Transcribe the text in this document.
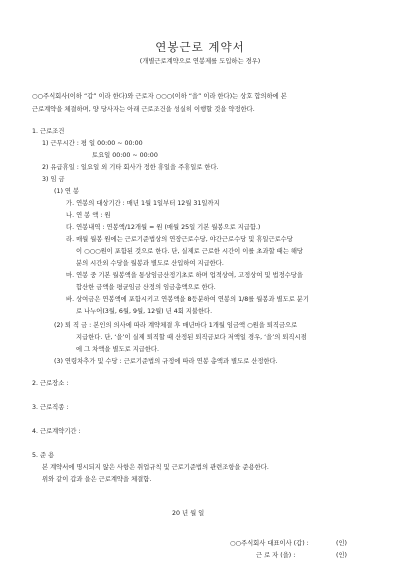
연봉근로 계약서
(개별근로계약으로 연봉제를 도입하는 경우)
○○주식회사(이하 “갑” 이라 한다)와 근로자 ○○○(이하 “을” 이라 한다)는 상호 합의하에 본
근로계약을 체결하며, 양 당사자는 아래 근로조건을 성실히 이행할 것을 약정한다.
1. 근로조건
1) 근무시간 : 평 일 00:00 ~ 00:00
토요일 00:00 ~ 00:00
2) 유급휴일 : 일요일 외 기타 회사가 정한 휴일을 주휴일로 한다.
3) 임 금
(1) 연 봉
가. 연봉의 대상기간 : 매년 1월 1일부터 12월 31일까지
나. 연 봉 액 : 원
다. 연봉내역 : 연봉액/12개월 = 원 (매월 25일 기본 월봉으로 지급함.)
라. 매월 월봉 원에는 근로기준법상의 연장근로수당, 야간근로수당 및 휴일근로수당
이 ○○○원이 포함된 것으로 한다. 단, 실제로 근로한 시간이 이를 초과할 때는 해당
분의 시간외 수당을 월봉과 별도로 산입하여 지급한다.
마. 연봉 중 기본 월봉액을 통상임금산정기초로 하며 업적상여, 고정상여 및 법정수당을
합산한 금액을 평균임금 산정의 임금총액으로 한다.
바. 상여금은 연봉액에 포함시키고 연봉액을 8등분하여 연봉의 1/8를 월봉과 별도로 분기
로 나누어(3월, 6월, 9월, 12월) 년 4회 지불한다.
(2) 퇴 직 금 : 본인의 의사에 따라 계약체결 후 매년마다 1개월 임금액 ○원을 퇴직금으로
지급한다. 단, ‘을’이 실제 퇴직할 때 산정된 퇴직금보다 저액일 경우, ‘을’의 퇴직시점
에 그 차액을 별도로 지급한다.
(3) 연령차추가 및 수당 : 근로기준법의 규정에 따라 연봉 총액과 별도로 산정한다.
2. 근로장소 :
3. 근로직종 :
4. 근로계약기간 :
5. 준 용
본 계약서에 명시되지 않은 사항은 취업규칙 및 근로기준법의 관련조항을 준용한다.
위와 같이 갑과 을은 근로계약을 체결함.
20 년 월 일
○○주식회사 대표이사 (갑) :	(인)
근 로 자 (을) :	(인)
